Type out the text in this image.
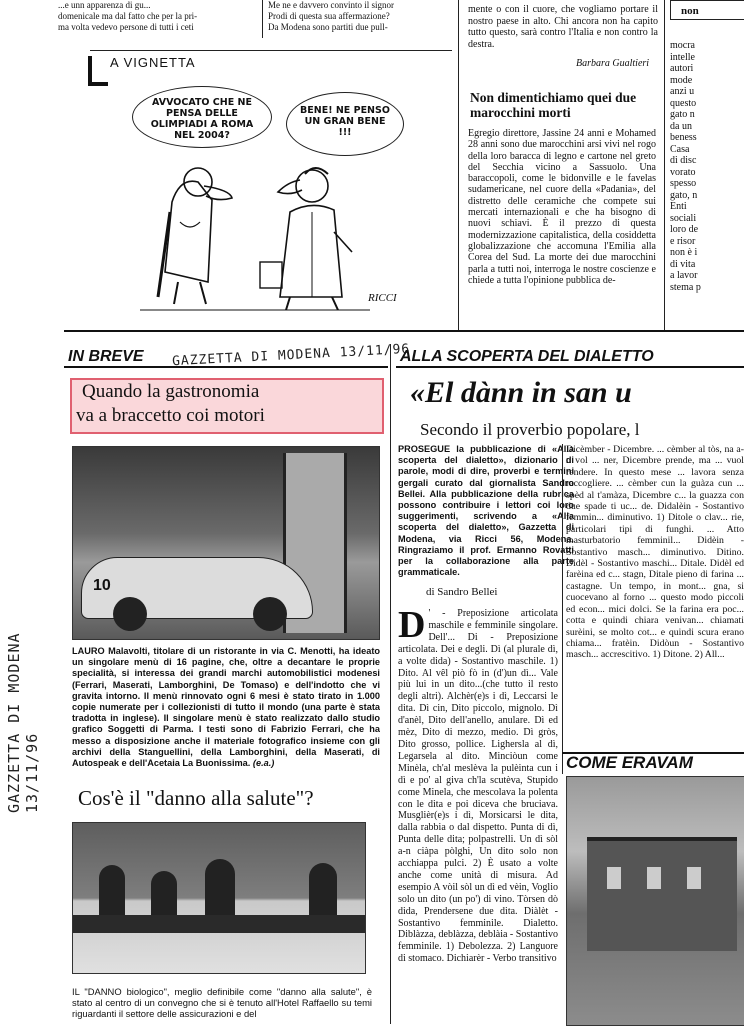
...e unn apparenza di gu...
domenicale ma dal fatto che per la pri-
ma volta vedevo persone di tutti i ceti
Me ne e davvero convinto il signor
Prodi di questa sua affermazione?
Da Modena sono partiti due pull-
A VIGNETTA
AVVOCATO CHE NE PENSA DELLE OLIMPIADI A ROMA NEL 2004?
BENE! NE PENSO UN GRAN BENE !!!
RICCI
mente o con il cuore, che vogliamo portare il nostro paese in alto. Chi ancora non ha capito tutto questo, sarà contro l'Italia e non contro la destra.
Barbara Gualtieri
Non dimentichiamo quei due marocchini morti
Egregio direttore, Jassine 24 anni e Mohamed 28 anni sono due marocchini arsi vivi nel rogo della loro baracca di legno e cartone nel greto del Secchia vicino a Sassuolo. Una baraccopoli, come le bidonville e le favelas sudamericane, nel cuore della «Padania», del distretto delle ceramiche che compete sui mercati internazionali e che ha bisogno di nuovi schiavi. È il prezzo di questa modernizzazione capitalistica, della cosiddetta globalizzazione che accomuna l'Emilia alla Corea del Sud. La morte dei due marocchini parla a tutti noi, interroga le nostre coscienze e chiede a tutta l'opinione pubblica de-
non
mocra
intelle
autori
mode
anzi u
questo
gato n
da un
beness
Casa
di disc
vorato
spesso
gato, n
Enti
sociali
loro de
e risor
non è i
di vita
a lavor
stema p
IN BREVE	GAZZETTA DI MODENA 13/11/96
ALLA SCOPERTA DEL DIALETTO
GAZZETTA DI MODENA 13/11/96
Quando la gastronomia
va a braccetto coi motori
10
LAURO Malavolti, titolare di un ristorante in via C. Menotti, ha ideato un singolare menù di 16 pagine, che, oltre a decantare le proprie specialità, si interessa dei grandi marchi automobilistici modenesi (Ferrari, Maserati, Lamborghini, De Tomaso) e dell'indotto che vi gravita intorno. Il menù rinnovato ogni 6 mesi è stato tirato in 1.000 copie numerate per i collezionisti di tutto il mondo (una parte è stata tradotta in inglese). Il singolare menù è stato realizzato dallo studio grafico Soggetti di Parma. I testi sono di Fabrizio Ferrari, che ha messo a disposizione anche il materiale fotografico insieme con gli archivi della Stanguellini, della Lamborghini, della Maserati, di Autospeak e dell'Acetaia La Buonissima. (e.a.)
Cos'è il "danno alla salute"?
IL "DANNO biologico", meglio definibile come "danno alla salute", è stato al centro di un convegno che si è tenuto all'Hotel Raffaello su temi riguardanti il settore delle assicurazioni e del
«El dànn in san u
Secondo il proverbio popolare, l
PROSEGUE la pubblicazione di «Alla scoperta del dialetto», dizionario di parole, modi di dire, proverbi e termini gergali curato dal giornalista Sandro Bellei. Alla pubblicazione della rubrica possono contribuire i lettori coi loro suggerimenti, scrivendo a «Alla scoperta del dialetto», Gazzetta di Modena, via Ricci 56, Modena. Ringraziamo il prof. Ermanno Rovatti per la collaborazione alla parte grammaticale.
di Sandro Bellei
D ' - Preposizione articolata maschile e femminile singolare. Dell'... Di - Preposizione articolata. Dei e degli. Dì (al plurale dì, a volte dida) - Sostantivo maschile. 1) Dito. Al vêl piò fò in (d')un dì... Vale più lui in un dito...(che tutto il resto degli altri). Alchèr(e)s i dì, Leccarsi le dita. Dì cin, Dito piccolo, mignolo. Dì d'anèl, Dito dell'anello, anulare. Dì ed mèz, Dito di mezzo, medio. Dì gròs, Dito grosso, pollice. Lighersla al dì, Legarsela al dito. Minciòun come Minèla, ch'al meslèva la pulèinta cun i dì e po' al giva ch'la scutèva, Stupido come Minela, che mescolava la polenta con le dita e poi diceva che bruciava. Musglièr(e)s i dì, Morsicarsi le dita, dalla rabbia o dal dispetto. Punta di dì, Punta delle dita; polpastrelli. Un dì sòl a-n ciàpa pòlghi, Un dito solo non acchiappa pulci. 2) È usato a volte anche come unità di misura. Ad esempio A vòil sòl un dì ed vèin, Voglio solo un dito (un po') di vino. Tòrsen dò dida, Prendersene due dita. Diàlèt - Sostantivo femminile. Dialetto. Diblàzza, deblàzza, deblàia - Sostantivo femminile. 1) Debolezza. 2) Languore di stomaco. Dichiarèr - Verbo transitivo
Dicèmber - Dicembre. ... cèmber al tòs, na a-n vol ... ner, Dicembre prende, ma ... vuol rendere. In questo mese ... lavora senza raccogliere. ... cèmber cun la guàza cun ... spèd al t'amàza, Dicembre c... la guazza con due spade ti uc... de. Didalèin - Sostantivo femmin... diminutivo. 1) Ditole o clav... rie, particolari tipi di funghi. ... Atto masturbatorio femminil... Didèin - Sostantivo masch... diminutivo. Ditino. Didèl - Sostantivo maschi... Ditale. Didèl ed farèina ed c... stagn, Ditale pieno di farina ... castagne. Un tempo, in mont... gna, si cuocevano al forno ... questo modo piccoli ed econ... mici dolci. Se la farina era poc... cotta e quindi chiara venivan... chiamati surèini, se molto cot... e quindi scura erano chiama... fratèin. Didòun - Sostantivo masch... accrescitivo. 1) Ditone. 2) All...
COME ERAVAM
